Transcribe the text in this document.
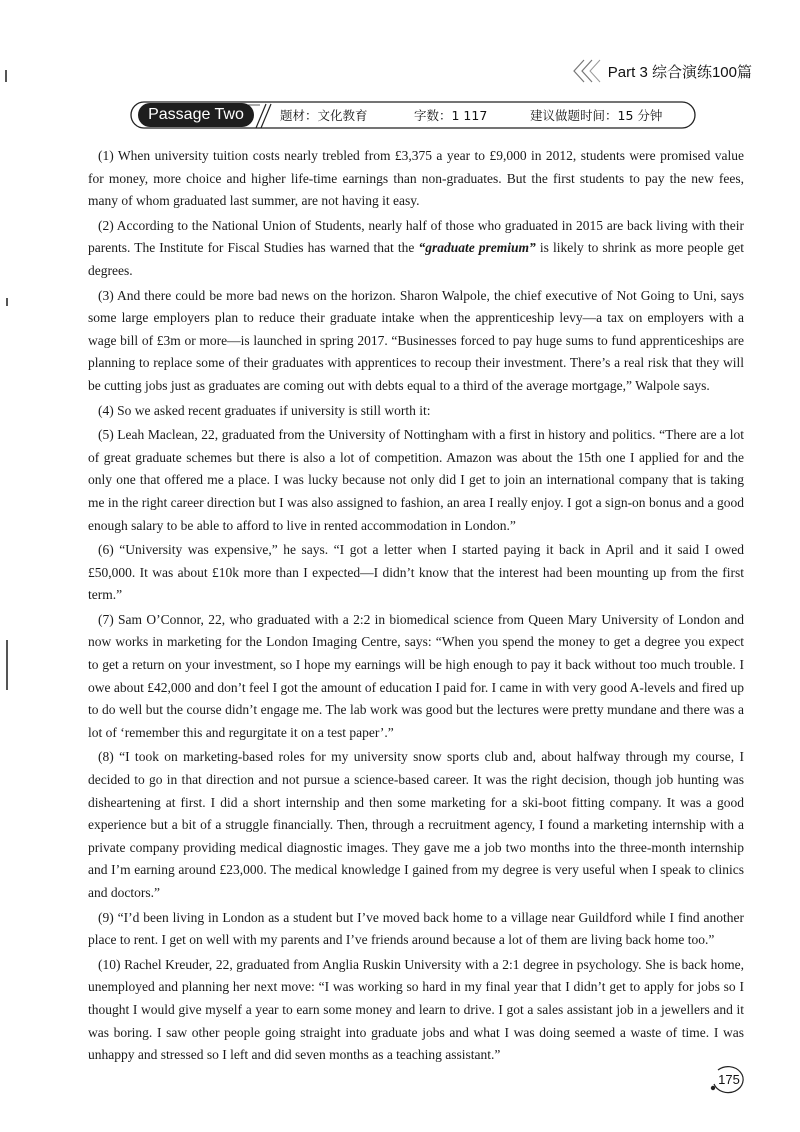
Part 3 综合演练100篇
Passage Two	题材：文化教育	字数：1 117	建议做题时间：15 分钟

(1) When university tuition costs nearly trebled from £3,375 a year to £9,000 in 2012, students were promised value for money, more choice and higher life-time earnings than non-graduates. But the first students to pay the new fees, many of whom graduated last summer, are not having it easy.

(2) According to the National Union of Students, nearly half of those who graduated in 2015 are back living with their parents. The Institute for Fiscal Studies has warned that the “graduate premium” is likely to shrink as more people get degrees.

(3) And there could be more bad news on the horizon. Sharon Walpole, the chief executive of Not Going to Uni, says some large employers plan to reduce their graduate intake when the apprenticeship levy—a tax on employers with a wage bill of £3m or more—is launched in spring 2017. “Businesses forced to pay huge sums to fund apprenticeships are planning to replace some of their graduates with apprentices to recoup their investment. There’s a real risk that they will be cutting jobs just as graduates are coming out with debts equal to a third of the average mortgage,” Walpole says.

(4) So we asked recent graduates if university is still worth it:

(5) Leah Maclean, 22, graduated from the University of Nottingham with a first in history and politics. “There are a lot of great graduate schemes but there is also a lot of competition. Amazon was about the 15th one I applied for and the only one that offered me a place. I was lucky because not only did I get to join an international company that is taking me in the right career direction but I was also assigned to fashion, an area I really enjoy. I got a sign-on bonus and a good enough salary to be able to afford to live in rented accommodation in London.”

(6) “University was expensive,” he says. “I got a letter when I started paying it back in April and it said I owed £50,000. It was about £10k more than I expected—I didn’t know that the interest had been mounting up from the first term.”

(7) Sam O’Connor, 22, who graduated with a 2:2 in biomedical science from Queen Mary University of London and now works in marketing for the London Imaging Centre, says: “When you spend the money to get a degree you expect to get a return on your investment, so I hope my earnings will be high enough to pay it back without too much trouble. I owe about £42,000 and don’t feel I got the amount of education I paid for. I came in with very good A-levels and fired up to do well but the course didn’t engage me. The lab work was good but the lectures were pretty mundane and there was a lot of ‘remember this and regurgitate it on a test paper’.”

(8) “I took on marketing-based roles for my university snow sports club and, about halfway through my course, I decided to go in that direction and not pursue a science-based career. It was the right decision, though job hunting was disheartening at first. I did a short internship and then some marketing for a ski-boot fitting company. It was a good experience but a bit of a struggle financially. Then, through a recruitment agency, I found a marketing internship with a private company providing medical diagnostic images. They gave me a job two months into the three-month internship and I’m earning around £23,000. The medical knowledge I gained from my degree is very useful when I speak to clinics and doctors.”

(9) “I’d been living in London as a student but I’ve moved back home to a village near Guildford while I find another place to rent. I get on well with my parents and I’ve friends around because a lot of them are living back home too.”

(10) Rachel Kreuder, 22, graduated from Anglia Ruskin University with a 2:1 degree in psychology. She is back home, unemployed and planning her next move: “I was working so hard in my final year that I didn’t get to apply for jobs so I thought I would give myself a year to earn some money and learn to drive. I got a sales assistant job in a jewellers and it was boring. I saw other people going straight into graduate jobs and what I was doing seemed a waste of time. I was unhappy and stressed so I left and did seven months as a teaching assistant.”

175
